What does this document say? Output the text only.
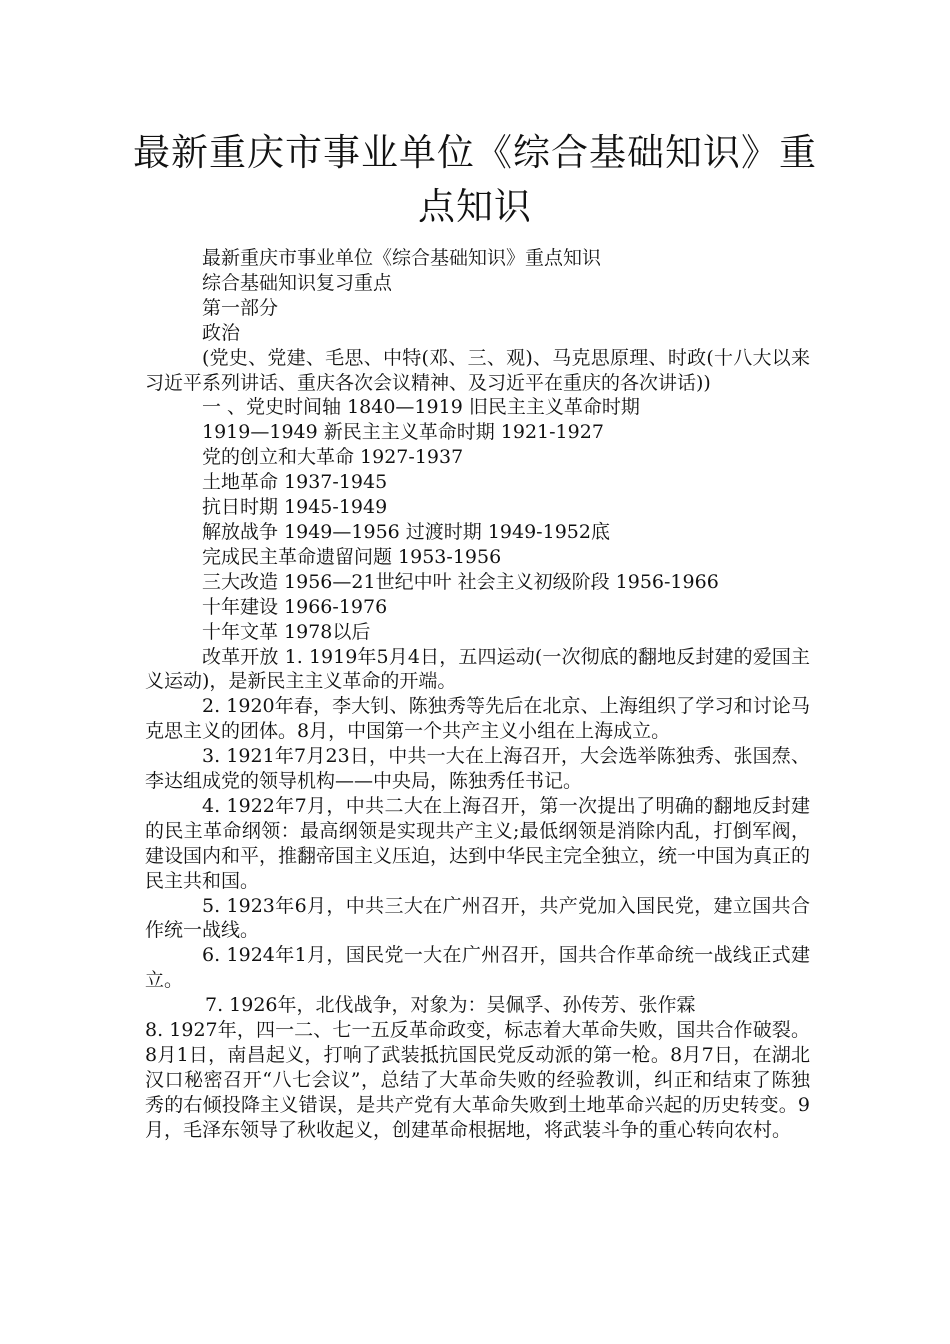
最新重庆市事业单位《综合基础知识》重点知识

最新重庆市事业单位《综合基础知识》重点知识

综合基础知识复习重点

第一部分

政治

(党史、党建、毛思、中特(邓、三、观)、马克思原理、时政(十八大以来习近平系列讲话、重庆各次会议精神、及习近平在重庆的各次讲话))

一 、党史时间轴 1840—1919 旧民主主义革命时期

1919—1949 新民主主义革命时期 1921-1927

党的创立和大革命 1927-1937

土地革命 1937-1945

抗日时期 1945-1949

解放战争 1949—1956 过渡时期 1949-1952底

完成民主革命遗留问题 1953-1956

三大改造 1956—21世纪中叶 社会主义初级阶段 1956-1966

十年建设 1966-1976

十年文革 1978以后

改革开放 1. 1919年5月4日，五四运动(一次彻底的翻地反封建的爱国主义运动)，是新民主主义革命的开端。

2. 1920年春，李大钊、陈独秀等先后在北京、上海组织了学习和讨论马克思主义的团体。8月，中国第一个共产主义小组在上海成立。

3. 1921年7月23日，中共一大在上海召开，大会选举陈独秀、张国焘、李达组成党的领导机构——中央局，陈独秀任书记。

4. 1922年7月，中共二大在上海召开，第一次提出了明确的翻地反封建的民主革命纲领：最高纲领是实现共产主义;最低纲领是消除内乱，打倒军阀，建设国内和平，推翻帝国主义压迫，达到中华民主完全独立，统一中国为真正的民主共和国。

5. 1923年6月，中共三大在广州召开，共产党加入国民党，建立国共合作统一战线。

6. 1924年1月，国民党一大在广州召开，国共合作革命统一战线正式建立。

7. 1926年，北伐战争，对象为：吴佩孚、孙传芳、张作霖

8. 1927年，四一二、七一五反革命政变，标志着大革命失败，国共合作破裂。8月1日，南昌起义，打响了武装抵抗国民党反动派的第一枪。8月7日，在湖北汉口秘密召开“八七会议”，总结了大革命失败的经验教训，纠正和结束了陈独秀的右倾投降主义错误，是共产党有大革命失败到土地革命兴起的历史转变。9月，毛泽东领导了秋收起义，创建革命根据地，将武装斗争的重心转向农村。
